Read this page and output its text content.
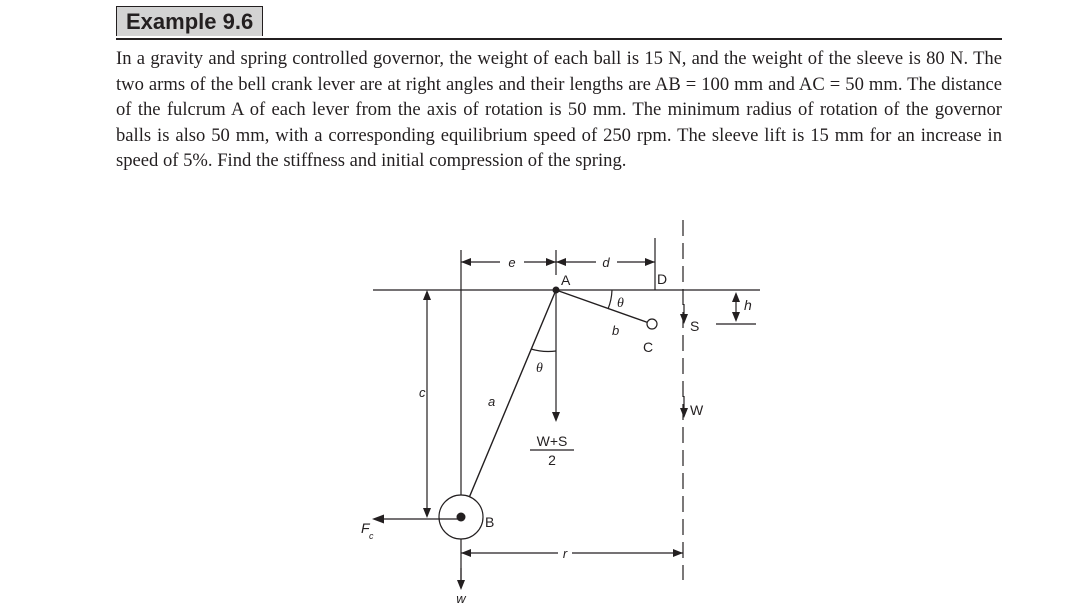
Example 9.6

In a gravity and spring controlled governor, the weight of each ball is 15 N, and the weight of the sleeve is 80 N. The two arms of the bell crank lever are at right angles and their lengths are AB = 100 mm and AC = 50 mm. The distance of the fulcrum A of each lever from the axis of rotation is 50 mm. The minimum radius of rotation of the governor balls is also 50 mm, with a corresponding equilibrium speed of 250 rpm. The sleeve lift is 15 mm for an increase in speed of 5%. Find the stiffness and initial compression of the spring.

e	d
A	D
θ
b	S
C
h
θ
c
a
W
W+S
2
B
F c
r
w
